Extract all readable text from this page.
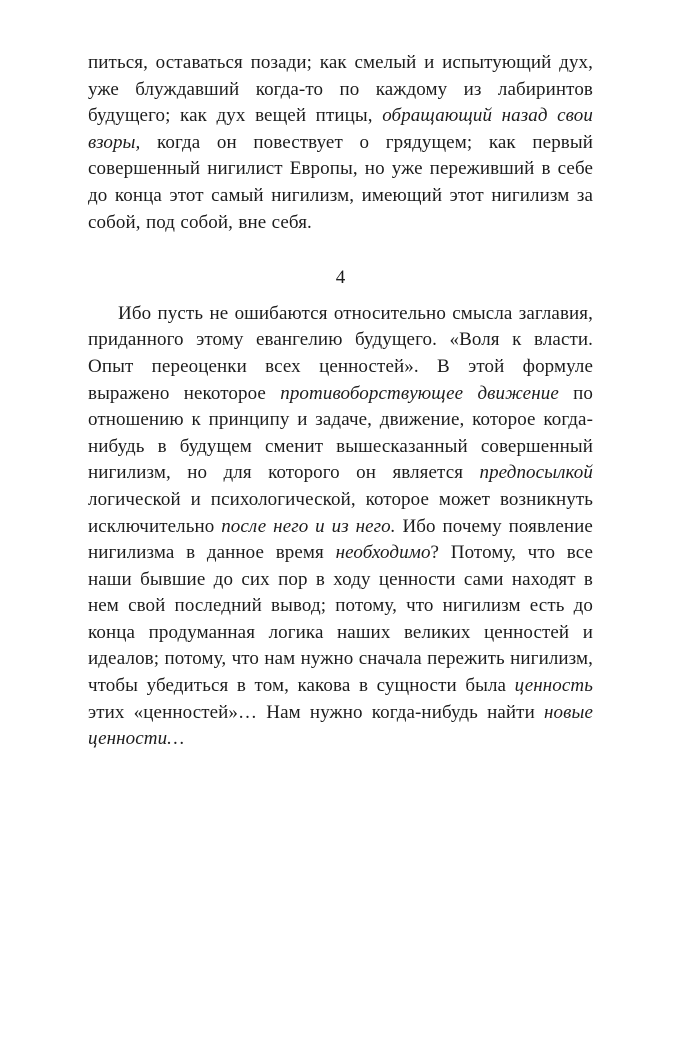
питься, оставаться позади; как смелый и испытующий дух, уже блуждавший когда-то по каждому из лабиринтов будущего; как дух вещей птицы, обращающий назад свои взоры, когда он повествует о грядущем; как первый совершенный нигилист Европы, но уже переживший в себе до конца этот самый нигилизм, имеющий этот нигилизм за собой, под собой, вне себя.

4

Ибо пусть не ошибаются относительно смысла заглавия, приданного этому евангелию будущего. «Воля к власти. Опыт переоценки всех ценностей». В этой формуле выражено некоторое противоборствующее движение по отношению к принципу и задаче, движение, которое когда-нибудь в будущем сменит вышесказанный совершенный нигилизм, но для которого он является предпосылкой логической и психологической, которое может возникнуть исключительно после него и из него. Ибо почему появление нигилизма в данное время необходимо? Потому, что все наши бывшие до сих пор в ходу ценности сами находят в нем свой последний вывод; потому, что нигилизм есть до конца продуманная логика наших великих ценностей и идеалов; потому, что нам нужно сначала пережить нигилизм, чтобы убедиться в том, какова в сущности была ценность этих «ценностей»… Нам нужно когда-нибудь найти новые ценности…
